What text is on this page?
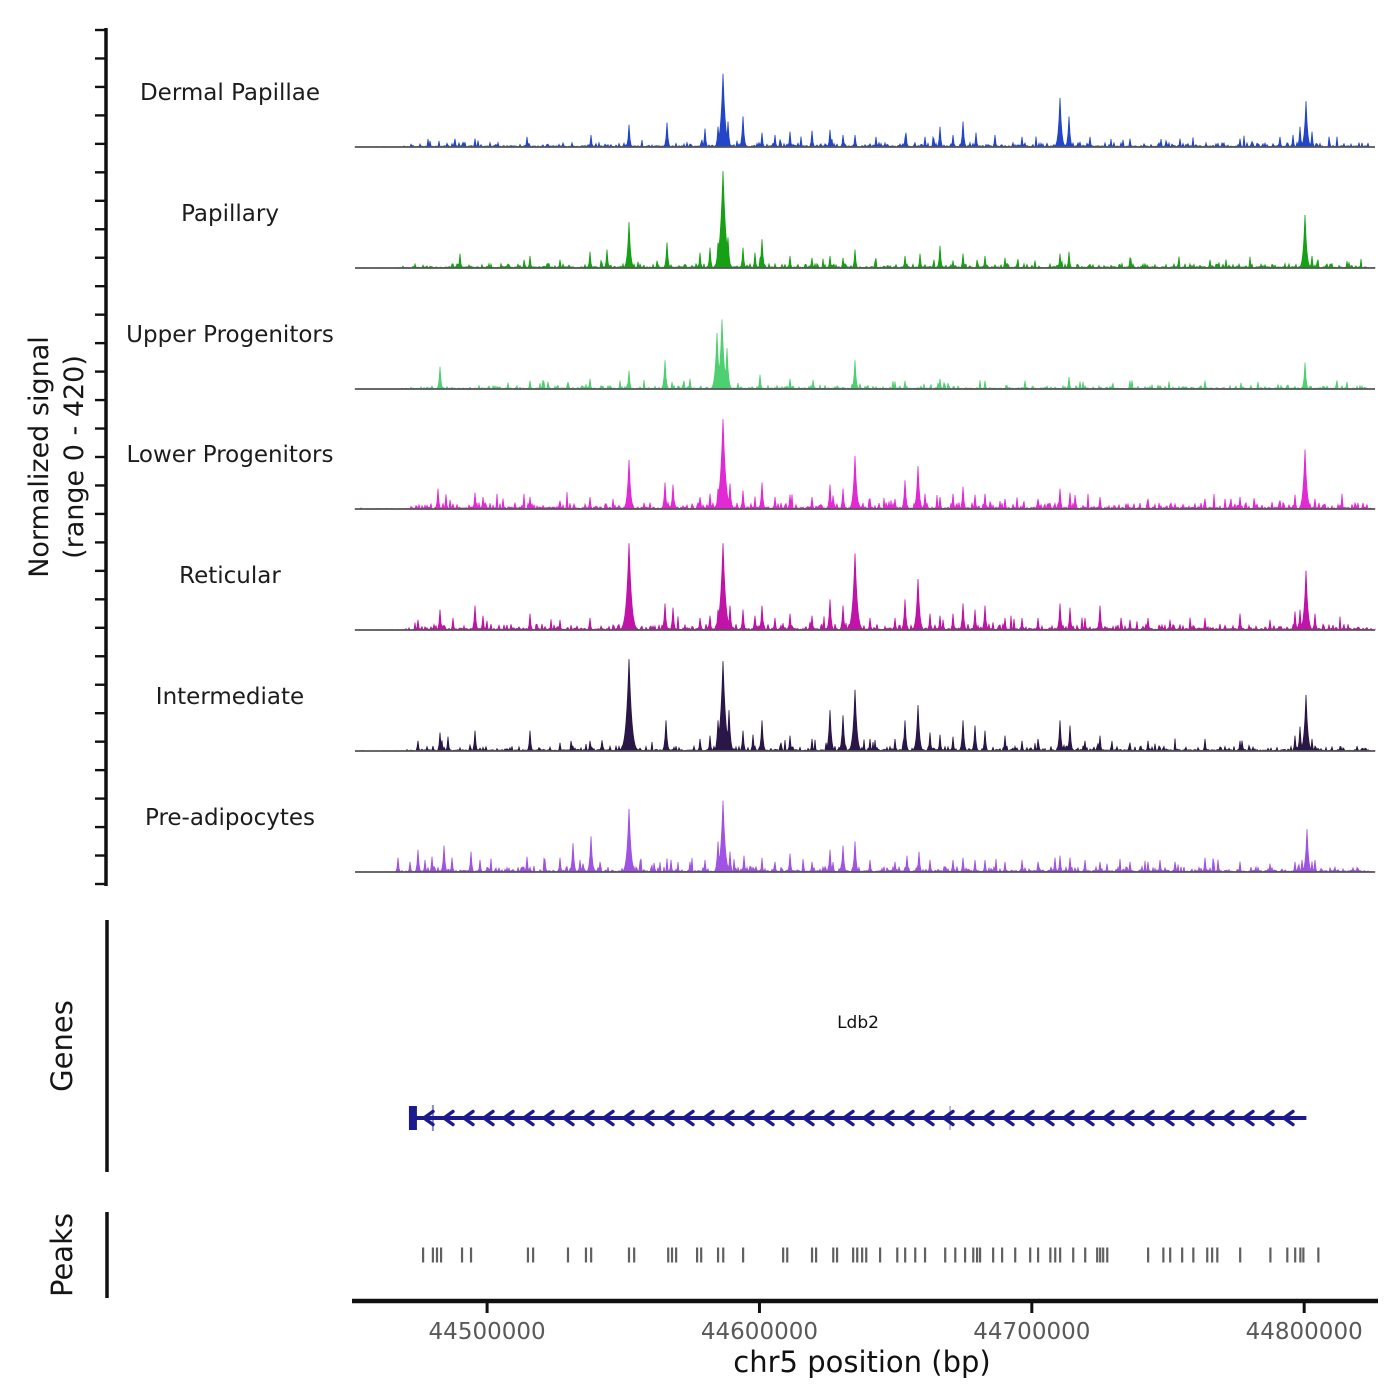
Dermal Papillae
Papillary
Upper Progenitors
Lower Progenitors
Reticular
Intermediate
Pre-adipocytes
44500000	44600000	44700000	44800000
Normalized signal (range 0 - 420)
Genes
Peaks
chr5 position (bp)
Ldb2
